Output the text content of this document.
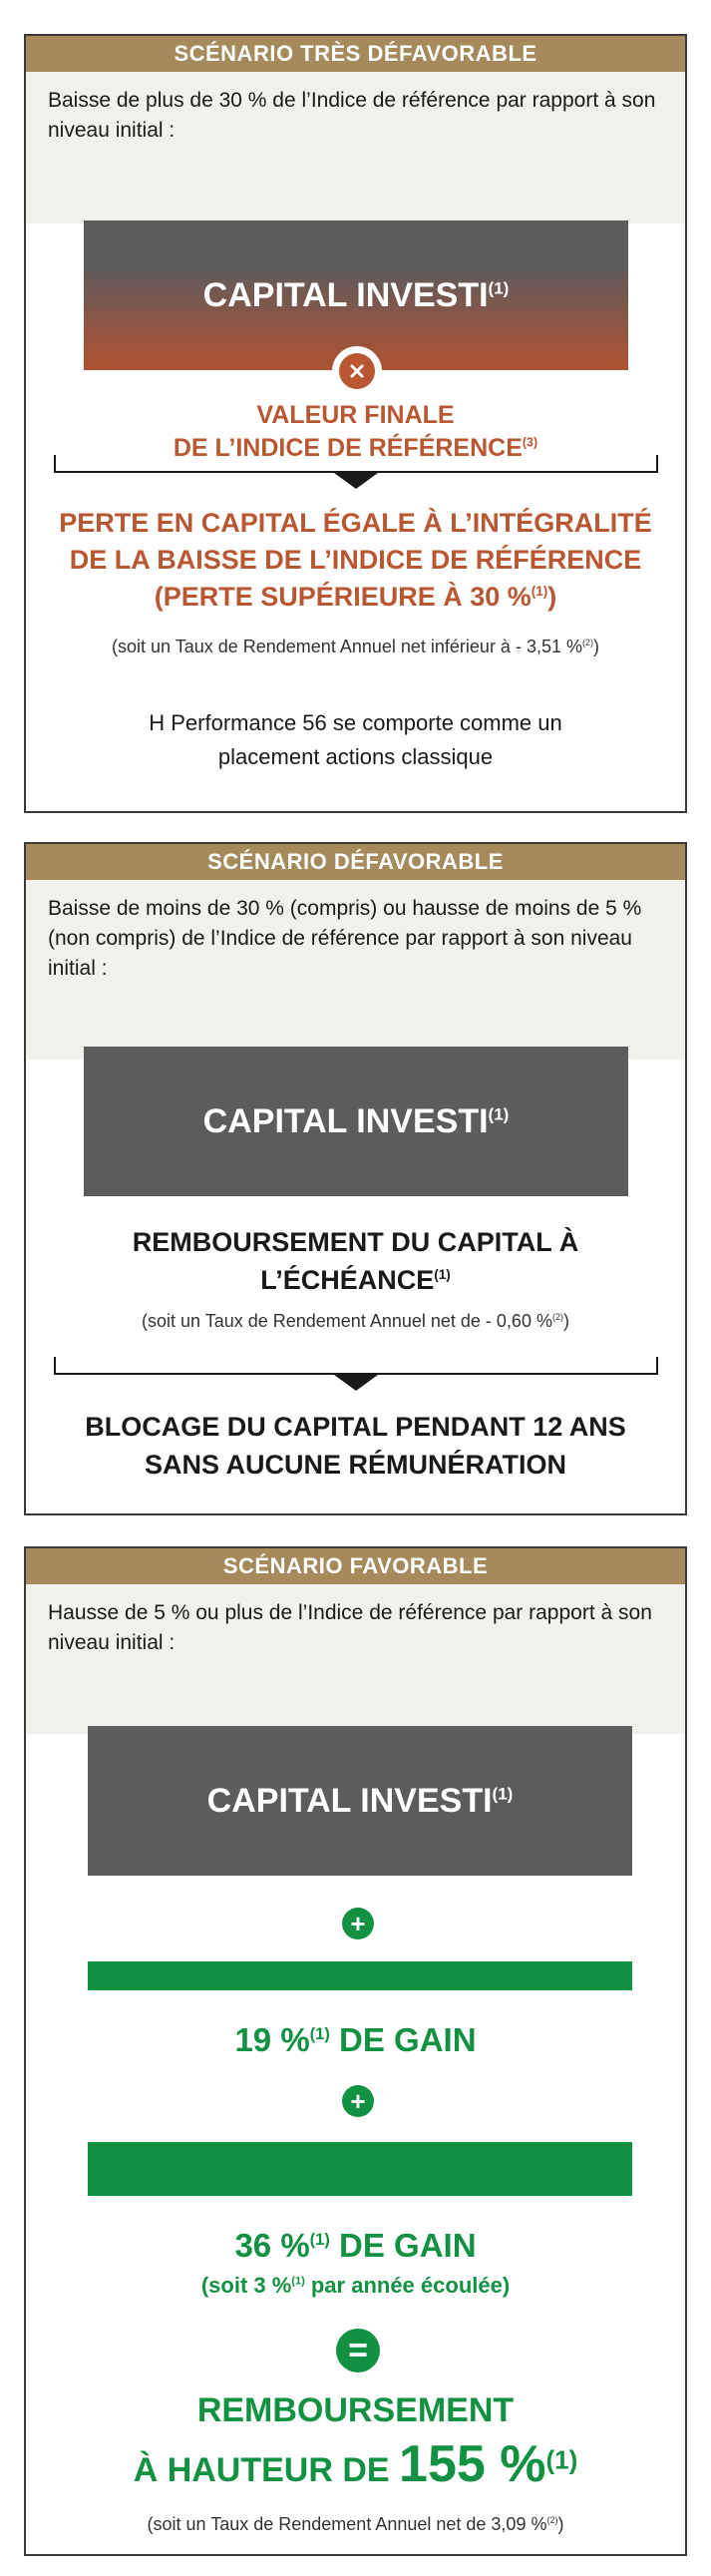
SCÉNARIO TRÈS DÉFAVORABLE
Baisse de plus de 30 % de l’Indice de référence par rapport à son niveau initial :
CAPITAL INVESTI$^{(1)}$
VALEUR FINALE
DE L’INDICE DE RÉFÉRENCE$^{(3)}$
PERTE EN CAPITAL ÉGALE À L’INTÉGRALITÉ
DE LA BAISSE DE L’INDICE DE RÉFÉRENCE
(PERTE SUPÉRIEURE À 30 %$^{(1)}$)
(soit un Taux de Rendement Annuel net inférieur à - 3,51 %$^{(2)}$)
H Performance 56 se comporte comme un
placement actions classique
SCÉNARIO DÉFAVORABLE
Baisse de moins de 30 % (compris) ou hausse de moins de 5 % (non compris) de l’Indice de référence par rapport à son niveau initial :
CAPITAL INVESTI$^{(1)}$
REMBOURSEMENT DU CAPITAL À
L’ÉCHÉANCE$^{(1)}$
(soit un Taux de Rendement Annuel net de - 0,60 %$^{(2)}$)
BLOCAGE DU CAPITAL PENDANT 12 ANS
SANS AUCUNE RÉMUNÉRATION
SCÉNARIO FAVORABLE
Hausse de 5 % ou plus de l’Indice de référence par rapport à son niveau initial :
CAPITAL $INVESTI^{(1)}$
+
19 %$^{(1)}$ DE GAIN
+
36 %$^{(1)}$ DE GAIN
(soit 3 %$^{(1)}$ par année écoulée)
=
REMBOURSEMENT
À HAUTEUR DE 155 %$^{(1)}$
(soit un Taux de Rendement Annuel net de 3,09 %$^{(2)}$)
